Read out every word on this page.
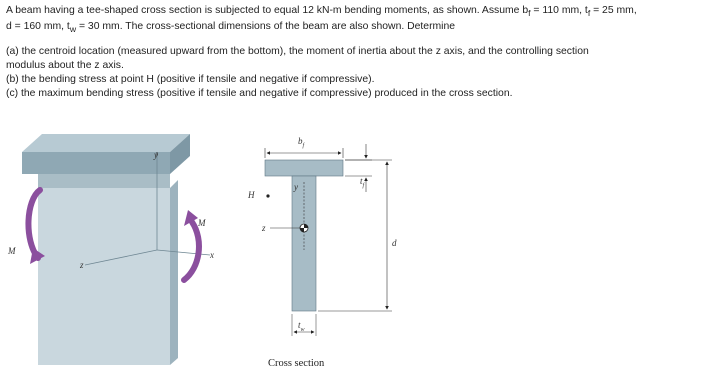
A beam having a tee-shaped cross section is subjected to equal 12 kN-m bending moments, as shown. Assume $b_f = 110$ mm, $t_f = 25$ mm,

d = 160 mm, $t_w = 30$ mm. The cross-sectional dimensions of the beam are also shown. Determine

(a) the centroid location (measured upward from the bottom), the moment of inertia about the z axis, and the controlling section
modulus about the z axis.

(b) the bending stress at point H (positive if tensile and negative if compressive).

(c) the maximum bending stress (positive if tensile and negative if compressive) produced in the cross section.

y
M
M
x
z
$b_f$
y
H
z
$t_f$
d
$t_w$
Cross section
